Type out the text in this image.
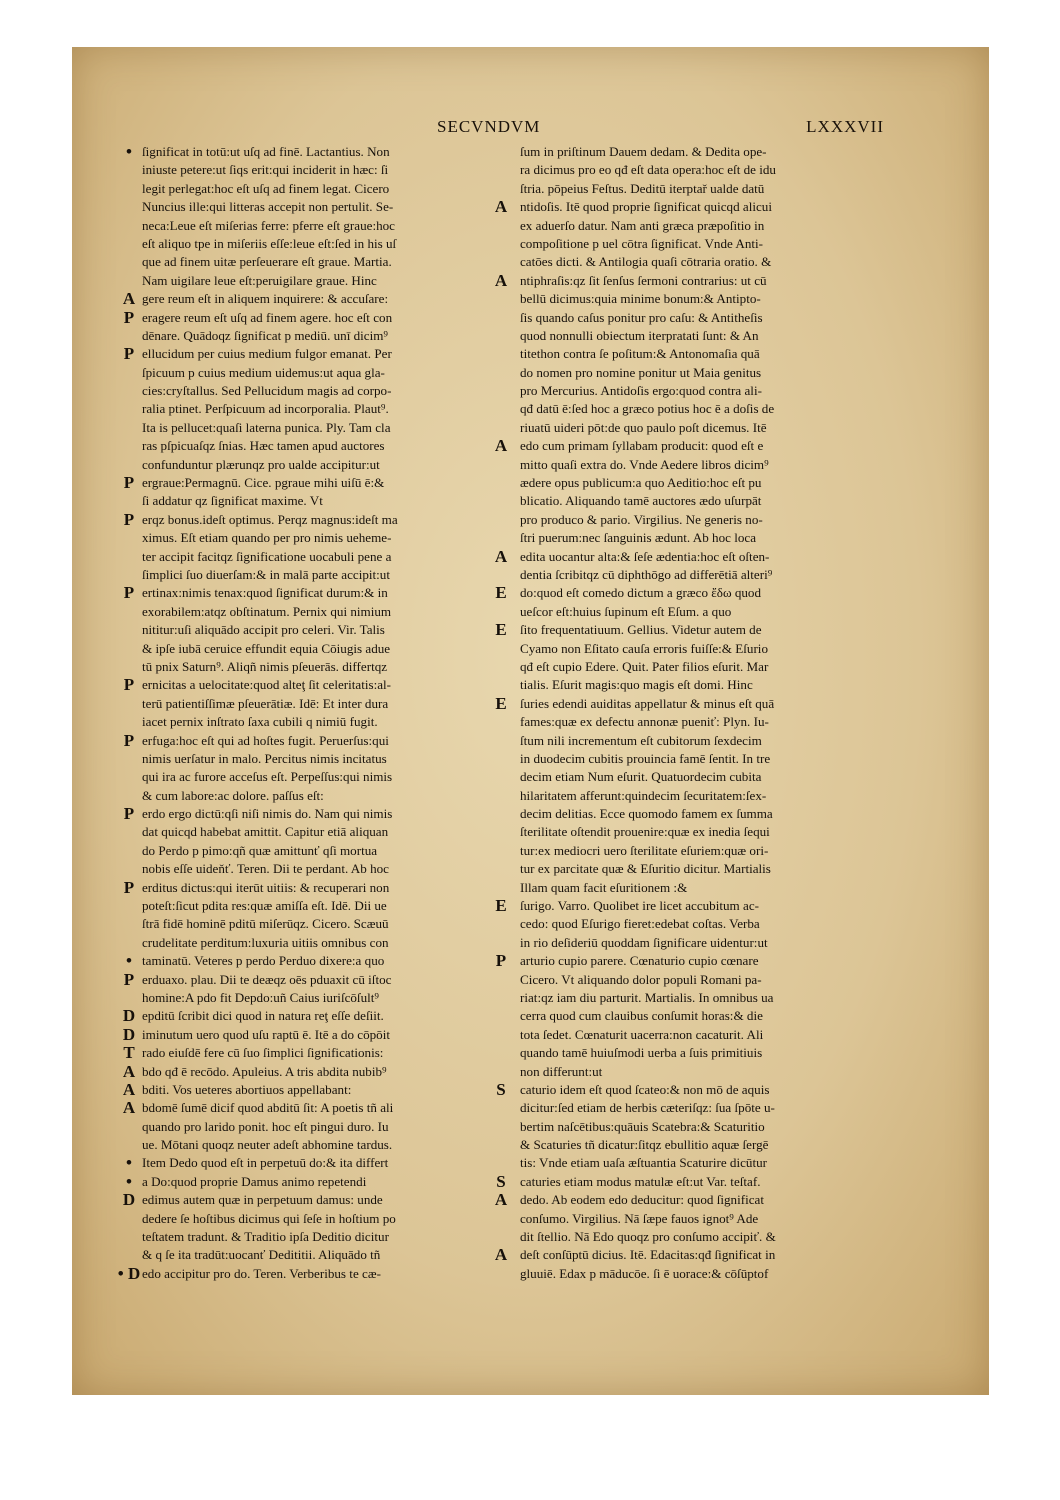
SECVNDVM	LXXXVII
• ſignificat in totū:ut uſq ad finē. Lactantius. Non
iniuste petere:ut ſiqs erit:qui inciderit in hæc: ſi
legit perlegat:hoc eſt uſq ad finem legat. Cicero
Nuncius ille:qui litteras accepit non pertulit. Se-
neca:Leue eſt miſerias ferre: pferre eſt graue:hoc
eſt aliquo tpe in miſeriis eſſe:leue eſt:ſed in his uſ
que ad finem uitæ perſeuerare eſt graue. Martia.
Nam uigilare leue eſt:peruigilare graue. Hinc
A gere reum eſt in aliquem inquirere: & accuſare:
P eragere reum eſt uſq ad finem agere. hoc eſt con
dēnare. Quādoqz ſignificat p mediū. unī dicim⁹
P ellucidum per cuius medium fulgor emanat. Per
ſpicuum p cuius medium uidemus:ut aqua gla-
cies:cryſtallus. Sed Pellucidum magis ad corpo-
ralia ptinet. Perſpicuum ad incorporalia. Plaut⁹.
Ita is pellucet:quaſi laterna punica. Ply. Tam cla
ras pſpicuaſqz ſnias. Hæc tamen apud auctores
confunduntur plærunqz pro ualde accipitur:ut
P ergraue:Permagnū. Cice. pgraue mihi uiſū ē:&
ſi addatur qz ſignificat maxime. Vt
P erqz bonus.ideſt optimus. Perqz magnus:ideſt ma
ximus. Eſt etiam quando per pro nimis ueheme-
ter accipit facitqz ſignificatione uocabuli pene a
ſimplici ſuo diuerſam:& in malā parte accipit:ut
P ertinax:nimis tenax:quod ſignificat durum:& in
exorabilem:atqz obſtinatum. Pernix qui nimium
nititur:uſi aliquādo accipit pro celeri. Vir. Talis
& ipſe iubā ceruice effundit equia Cōiugis adue
tū pnix Saturn⁹. Aliqñ nimis pſeuerās. differtqz
P ernicitas a uelocitate:quod alteţ ſit celeritatis:al-
terū patientiſſimæ pſeuerātiæ. Idē: Et inter dura
iacet pernix inſtrato ſaxa cubili q nimiū fugit.
P erfuga:hoc eſt qui ad hoſtes fugit. Peruerſus:qui
nimis uerſatur in malo. Percitus nimis incitatus
qui ira ac furore acceſus eſt. Perpeſſus:qui nimis
& cum labore:ac dolore. paſſus eſt:
P erdo ergo dictū:qſi niſi nimis do. Nam qui nimis
dat quicqd habebat amittit. Capitur etiā aliquan
do Perdo p pimo:qñ quæ amittunť qſi mortua
nobis eſſe uideňť. Teren. Dii te perdant. Ab hoc
P erditus dictus:qui iterūt uitiis: & recuperari non
poteſt:ſicut pdita res:quæ amiſſa eſt. Idē. Dii ue
ſtrā fidē hominē pditū miſerūqz. Cicero. Scæuū
crudelitate perditum:luxuria uitiis omnibus con
• taminatū. Veteres p perdo Perduo dixere:a quo
P erduaxo. plau. Dii te deæqz oēs pduaxit cū iſtoc
homine:A pdo fit Depdo:uñ Caius iuriſcōſult⁹
D epditū ſcribit dici quod in natura reţ eſſe deſiit.
D iminutum uero quod uſu raptū ē. Itē a do cōpōit
T rado eiuſdē fere cū ſuo ſimplici ſignificationis:
A bdo qđ ē recōdo. Apuleius. A tris abdita nubib⁹
A bditi. Vos ueteres abortiuos appellabant:
A bdomē ſumē dicif quod abditū ſit: A poetis tñ ali
quando pro larido ponit. hoc eſt pingui duro. Iu
ue. Mōtani quoqz neuter adeſt abhomine tardus.
• Item Dedo quod eſt in perpetuū do:& ita differt
• a Do:quod proprie Damus animo repetendi
D edimus autem quæ in perpetuum damus: unde
dedere ſe hoſtibus dicimus qui ſeſe in hoſtium po
teſtatem tradunt. & Traditio ipſa Deditio dicitur
& q ſe ita tradūt:uocanť Dedititii. Aliquādo tñ
• D edo accipitur pro do. Teren. Verberibus te cæ-
ſum in priſtinum Dauem dedam. & Dedita ope-
ra dicimus pro eo qđ eſt data opera:hoc eſt de idu
ſtria. pōpeius Feſtus. Deditū iterptař ualde datū
A ntidoſis. Itē quod proprie ſignificat quicqd alicui
ex aduerſo datur. Nam anti græca præpoſitio in
compoſitione p uel cōtra ſignificat. Vnde Anti-
catōes dicti. & Antilogia quaſi cōtraria oratio. &
A ntiphraſis:qz ſit ſenſus ſermoni contrarius: ut cū
bellū dicimus:quia minime bonum:& Antipto-
ſis quando caſus ponitur pro caſu: & Antitheſis
quod nonnulli obiectum iterpratati ſunt: & An
titethon contra ſe poſitum:& Antonomaſia quā
do nomen pro nomine ponitur ut Maia genitus
pro Mercurius. Antidoſis ergo:quod contra ali-
qđ datū ē:ſed hoc a græco potius hoc ē a doſis de
riuatū uideri pōt:de quo paulo poſt dicemus. Itē
A edo cum primam ſyllabam producit: quod eſt e
mitto quaſi extra do. Vnde Aedere libros dicim⁹
ædere opus publicum:a quo Aeditio:hoc eſt pu
blicatio. Aliquando tamē auctores ædo uſurpāt
pro produco & pario. Virgilius. Ne generis no-
ſtri puerum:nec ſanguinis ædunt. Ab hoc loca
A edita uocantur alta:& ſeſe ædentia:hoc eſt oſten-
dentia ſcribitqz cū diphthōgo ad differētiā alteri⁹
E	do:quod eſt comedo dictum a græco ἔδω quod
ueſcor eſt:huius ſupinum eſt Eſum. a quo
E	ſito frequentatiuum. Gellius. Videtur autem de
Cyamo non Eſitato cauſa erroris fuiſſe:& Eſurio
qđ eſt cupio Edere. Quit. Pater filios eſurit. Mar
tialis. Eſurit magis:quo magis eſt domi. Hinc
E	ſuries edendi auiditas appellatur & minus eſt quā
fames:quæ ex defectu annonæ pueniť: Plyn. Iu-
ſtum nili incrementum eſt cubitorum ſexdecim
in duodecim cubitis prouincia famē ſentit. In tre
decim etiam Num eſurit. Quatuordecim cubita
hilaritatem afferunt:quindecim ſecuritatem:ſex-
decim delitias. Ecce quomodo famem ex ſumma
ſterilitate oſtendit prouenire:quæ ex inedia ſequi
tur:ex mediocri uero ſterilitate eſuriem:quæ ori-
tur ex parcitate quæ & Eſuritio dicitur. Martialis
Illam quam facit eſuritionem :&
E	ſurigo. Varro. Quolibet ire licet accubitum ac-
cedo: quod Eſurigo fieret:edebat coſtas. Verba
in rio deſideriū quoddam ſignificare uidentur:ut
P	arturio cupio parere. Cœnaturio cupio cœnare
Cicero. Vt aliquando dolor populi Romani pa-
riat:qz iam diu parturit. Martialis. In omnibus ua
cerra quod cum clauibus conſumit horas:& die
tota ſedet. Cœnaturit uacerra:non cacaturit. Ali
quando tamē huiuſmodi uerba a ſuis primitiuis
non differunt:ut
S	caturio idem eſt quod ſcateo:& non mō de aquis
dicitur:ſed etiam de herbis cæteriſqz: ſua ſpōte u-
bertim naſcētibus:quāuis Scatebra:& Scaturitio
& Scaturies tñ dicatur:ſitqz ebullitio aquæ ſergē
tis: Vnde etiam uaſa æſtuantia Scaturire dicūtur
S	caturies etiam modus matulæ eſt:ut Var. teſtaf.
A dedo. Ab eodem edo deducitur: quod ſignificat
conſumo. Virgilius. Nā ſæpe fauos ignot⁹ Ade
dit ſtellio. Nā Edo quoqz pro conſumo accipiť. &
A deſt conſūptū dicius. Itē. Edacitas:qđ ſignificat in
gluuiē. Edax p māducōe. ſi ē uorace:& cōſūptof
